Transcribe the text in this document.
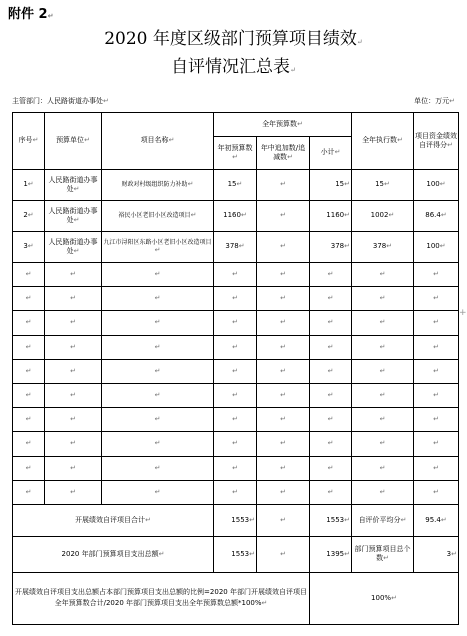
附件 2↵
2020 年度区级部门预算项目绩效↵
自评情况汇总表↵
主管部门：人民路街道办事处↵	单位：万元↵
+
序号↵	预算单位↵	项目名称↵	全年预算数↵			全年执行数↵	项目资金绩效自评得分↵
			年初预算数↵	年中追加数/追减数↵	小计↵		
1↵	人民路街道办事处↵	财政对村级组织防力补助↵	15↵	↵	15↵	15↵	100↵
2↵	人民路街道办事处↵	裕民小区老旧小区改造项目↵	1160↵	↵	1160↵	1002↵	86.4↵
3↵	人民路街道办事处↵	九江市浔阳区东路小区老旧小区改造项目↵	378↵	↵	378↵	378↵	100↵
↵	↵	↵	↵	↵	↵	↵	↵
↵	↵	↵	↵	↵	↵	↵	↵
↵	↵	↵	↵	↵	↵	↵	↵
↵	↵	↵	↵	↵	↵	↵	↵
↵	↵	↵	↵	↵	↵	↵	↵
↵	↵	↵	↵	↵	↵	↵	↵
↵	↵	↵	↵	↵	↵	↵	↵
↵	↵	↵	↵	↵	↵	↵	↵
↵	↵	↵	↵	↵	↵	↵	↵
↵	↵	↵	↵	↵	↵	↵	↵
开展绩效自评项目合计↵			1553↵	↵	1553↵	自评价平均分↵	95.4↵
2020 年部门预算项目支出总额↵			1553↵	↵	1395↵	部门预算项目总个数↵	3↵
开展绩效自评项目支出总额占本部门预算项目支出总额的比例=2020 年部门开展绩效自评项目全年预算数合计/2020 年部门预算项目支出全年预算数总额*100%↵					100%↵		
